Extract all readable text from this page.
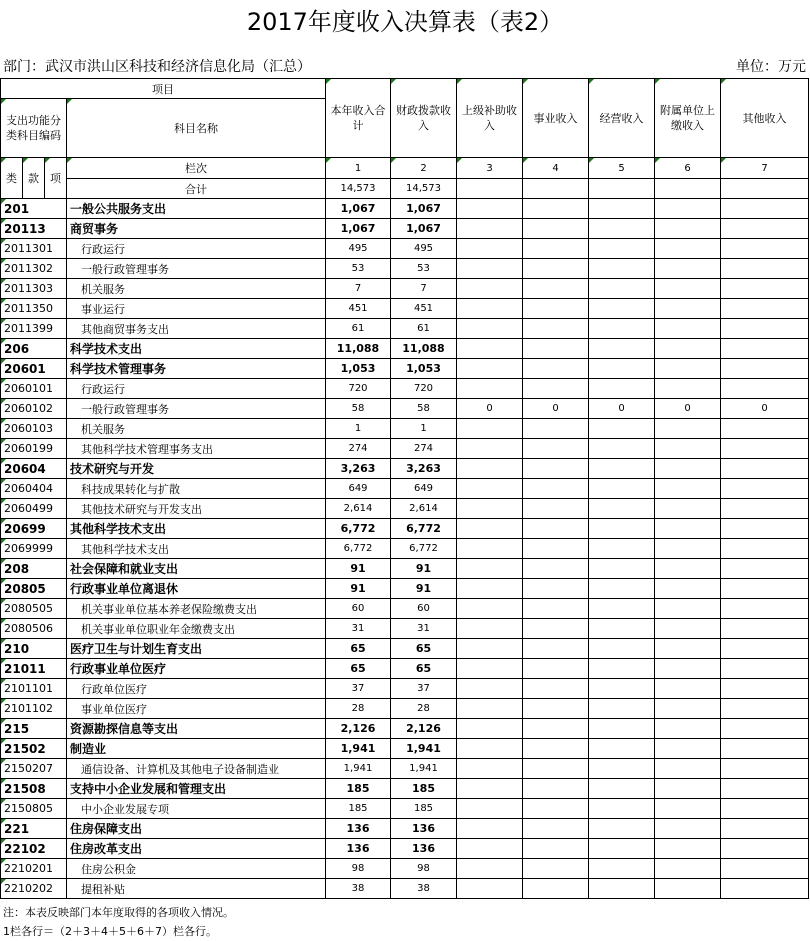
2017年度收入决算表（表2）
部门：武汉市洪山区科技和经济信息化局（汇总）	单位：万元
项目				本年收入合计	财政拨款收入	上级补助收入	事业收入	经营收入	附属单位上缴收入	其他收入
支出功能分类科目编码			科目名称							
类	款	项	栏次	1	2	3	4	5	6	7
			合计	14,573	14,573					
201			一般公共服务支出	1,067	1,067					
20113			商贸事务	1,067	1,067					
2011301			行政运行	495	495					
2011302			一般行政管理事务	53	53					
2011303			机关服务	7	7					
2011350			事业运行	451	451					
2011399			其他商贸事务支出	61	61					
206			科学技术支出	11,088	11,088					
20601			科学技术管理事务	1,053	1,053					
2060101			行政运行	720	720					
2060102			一般行政管理事务	58	58	0	0	0	0	0
2060103			机关服务	1	1					
2060199			其他科学技术管理事务支出	274	274					
20604			技术研究与开发	3,263	3,263					
2060404			科技成果转化与扩散	649	649					
2060499			其他技术研究与开发支出	2,614	2,614					
20699			其他科学技术支出	6,772	6,772					
2069999			其他科学技术支出	6,772	6,772					
208			社会保障和就业支出	91	91					
20805			行政事业单位离退休	91	91					
2080505			机关事业单位基本养老保险缴费支出	60	60					
2080506			机关事业单位职业年金缴费支出	31	31					
210			医疗卫生与计划生育支出	65	65					
21011			行政事业单位医疗	65	65					
2101101			行政单位医疗	37	37					
2101102			事业单位医疗	28	28					
215			资源勘探信息等支出	2,126	2,126					
21502			制造业	1,941	1,941					
2150207			通信设备、计算机及其他电子设备制造业	1,941	1,941					
21508			支持中小企业发展和管理支出	185	185					
2150805			中小企业发展专项	185	185					
221			住房保障支出	136	136					
22102			住房改革支出	136	136					
2210201			住房公积金	98	98					
2210202			提租补贴	38	38					
注：本表反映部门本年度取得的各项收入情况。
1栏各行＝（2＋3＋4＋5＋6＋7）栏各行。
